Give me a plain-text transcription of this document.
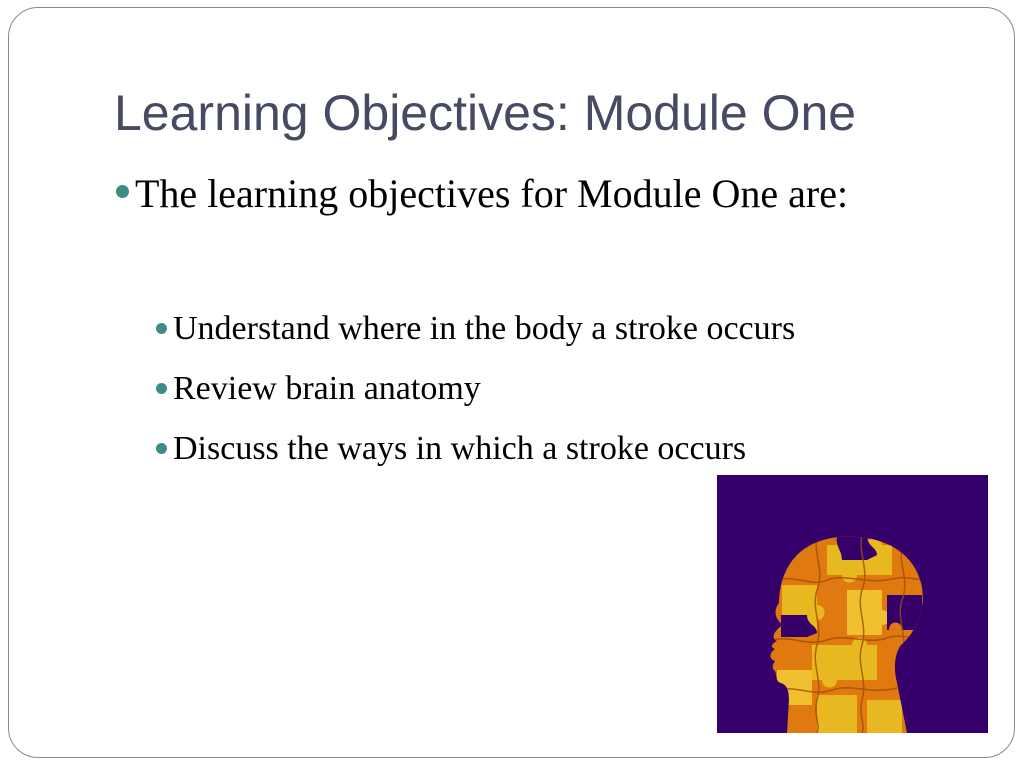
Learning Objectives: Module One
The learning objectives for Module One are:
Understand where in the body a stroke occurs
Review brain anatomy
Discuss the ways in which a stroke occurs
